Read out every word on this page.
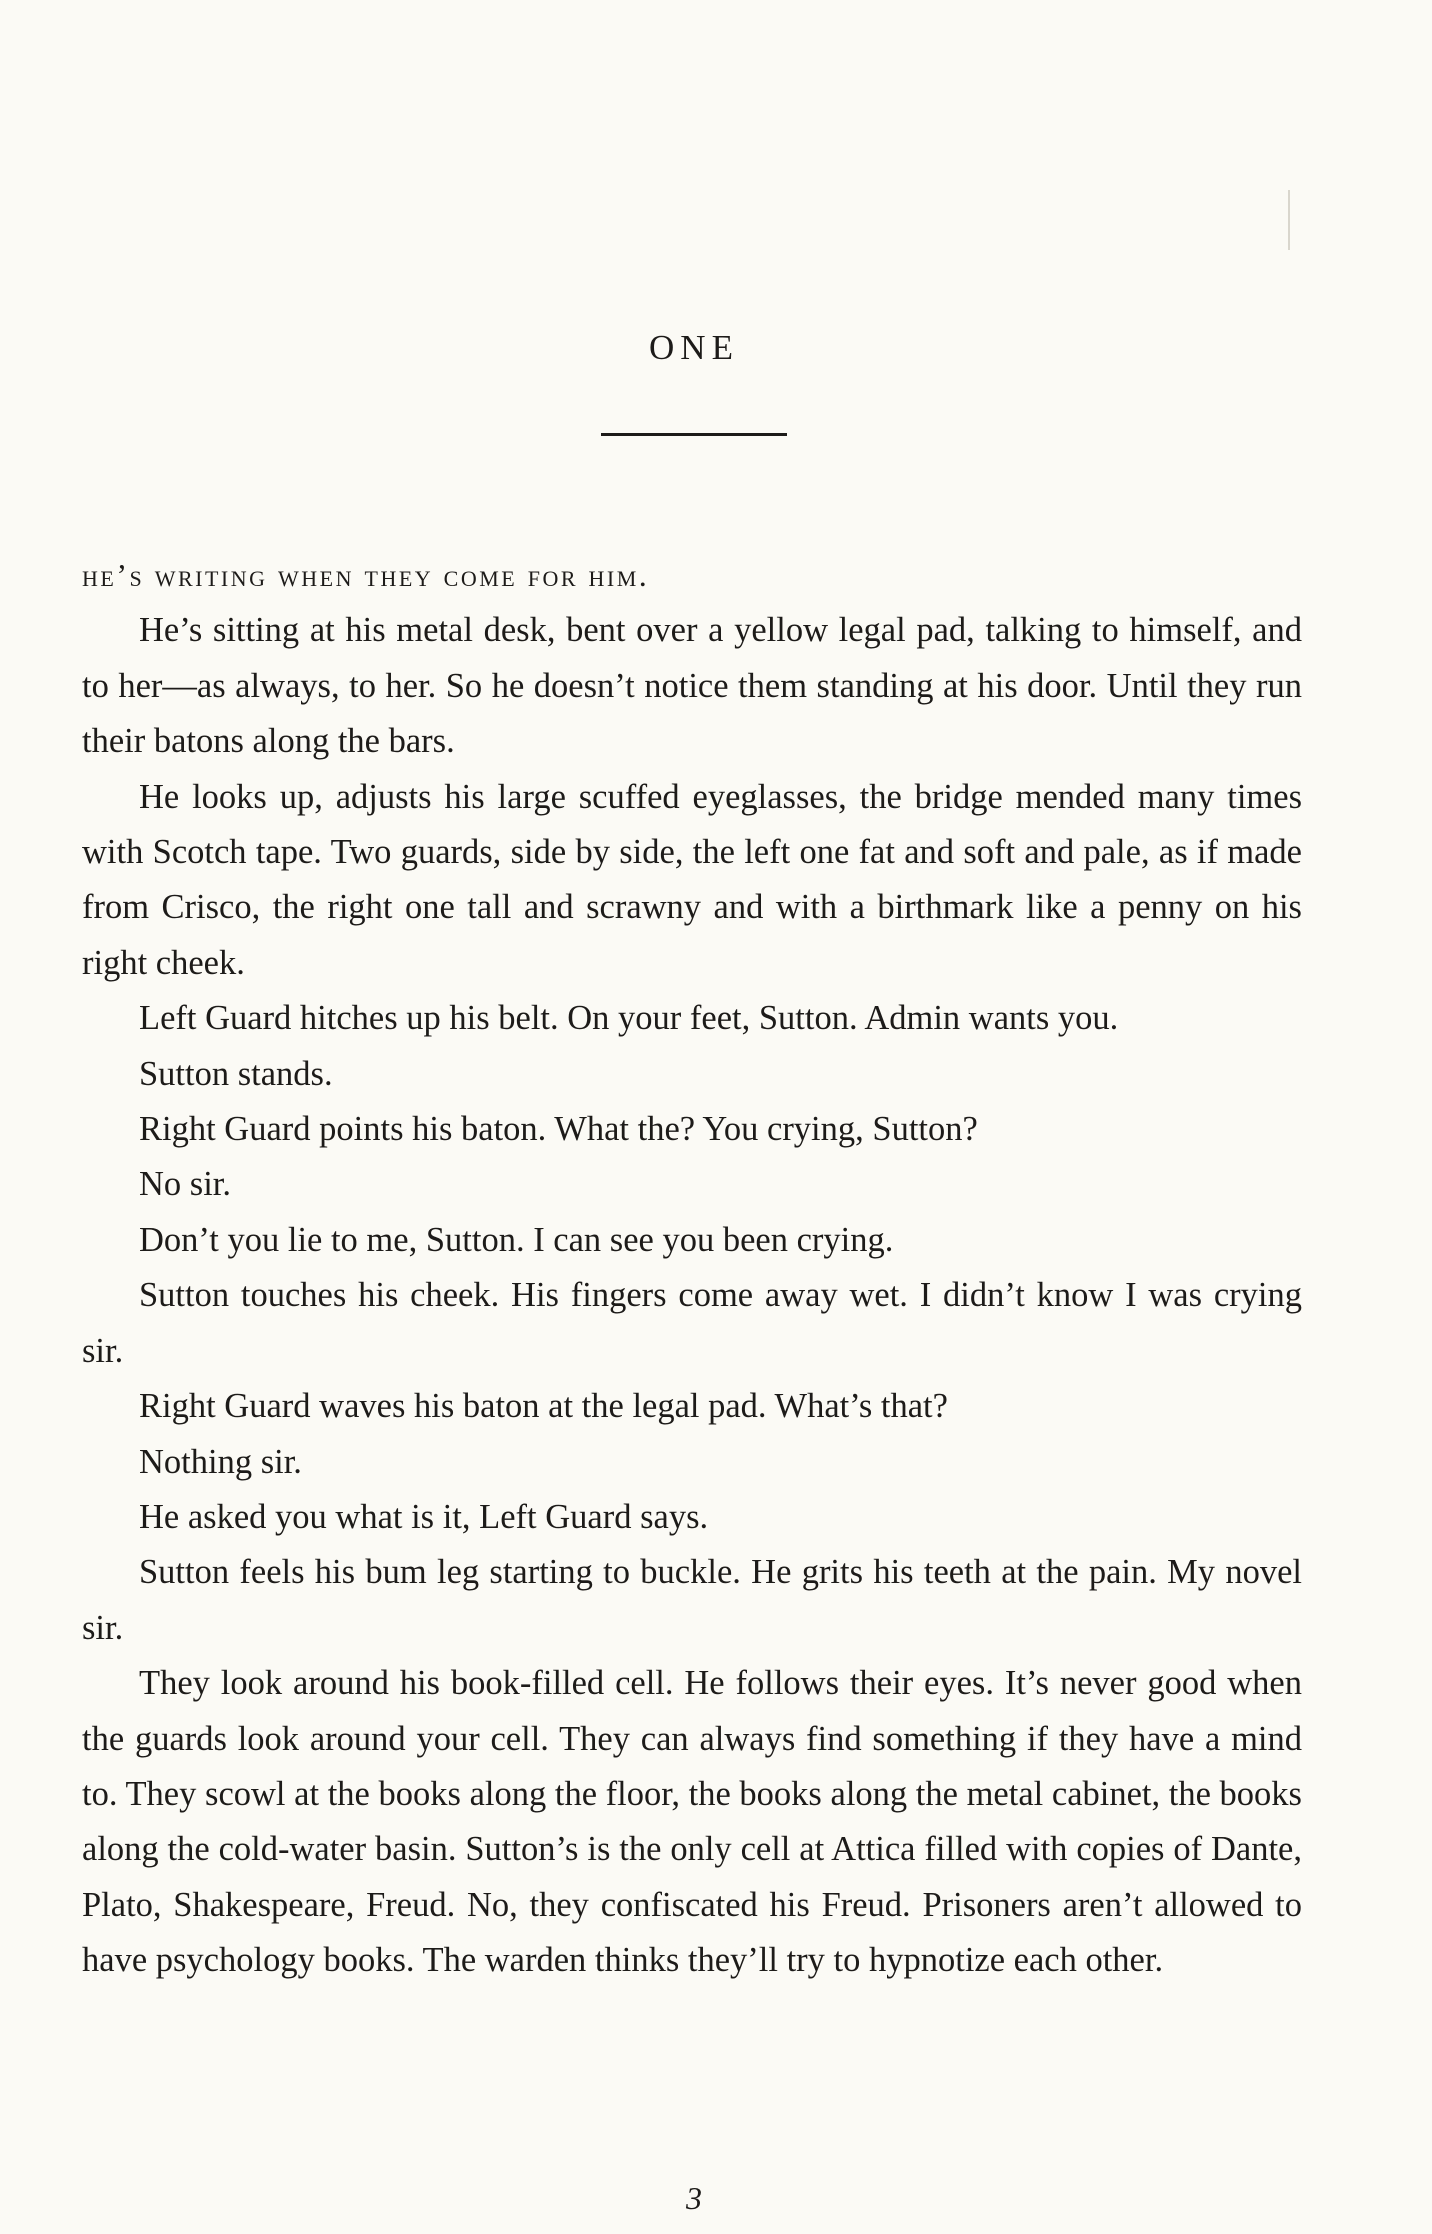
ONE

he’s writing when they come for him.

He’s sitting at his metal desk, bent over a yellow legal pad, talking to himself, and to her—as always, to her. So he doesn’t notice them standing at his door. Until they run their batons along the bars.

He looks up, adjusts his large scuffed eyeglasses, the bridge mended many times with Scotch tape. Two guards, side by side, the left one fat and soft and pale, as if made from Crisco, the right one tall and scrawny and with a birthmark like a penny on his right cheek.

Left Guard hitches up his belt. On your feet, Sutton. Admin wants you.

Sutton stands.

Right Guard points his baton. What the? You crying, Sutton?

No sir.

Don’t you lie to me, Sutton. I can see you been crying.

Sutton touches his cheek. His fingers come away wet. I didn’t know I was crying sir.

Right Guard waves his baton at the legal pad. What’s that?

Nothing sir.

He asked you what is it, Left Guard says.

Sutton feels his bum leg starting to buckle. He grits his teeth at the pain. My novel sir.

They look around his book-filled cell. He follows their eyes. It’s never good when the guards look around your cell. They can always find something if they have a mind to. They scowl at the books along the floor, the books along the metal cabinet, the books along the cold-water basin. Sutton’s is the only cell at Attica filled with copies of Dante, Plato, Shakespeare, Freud. No, they confiscated his Freud. Prisoners aren’t allowed to have psychology books. The warden thinks they’ll try to hypnotize each other.

3
